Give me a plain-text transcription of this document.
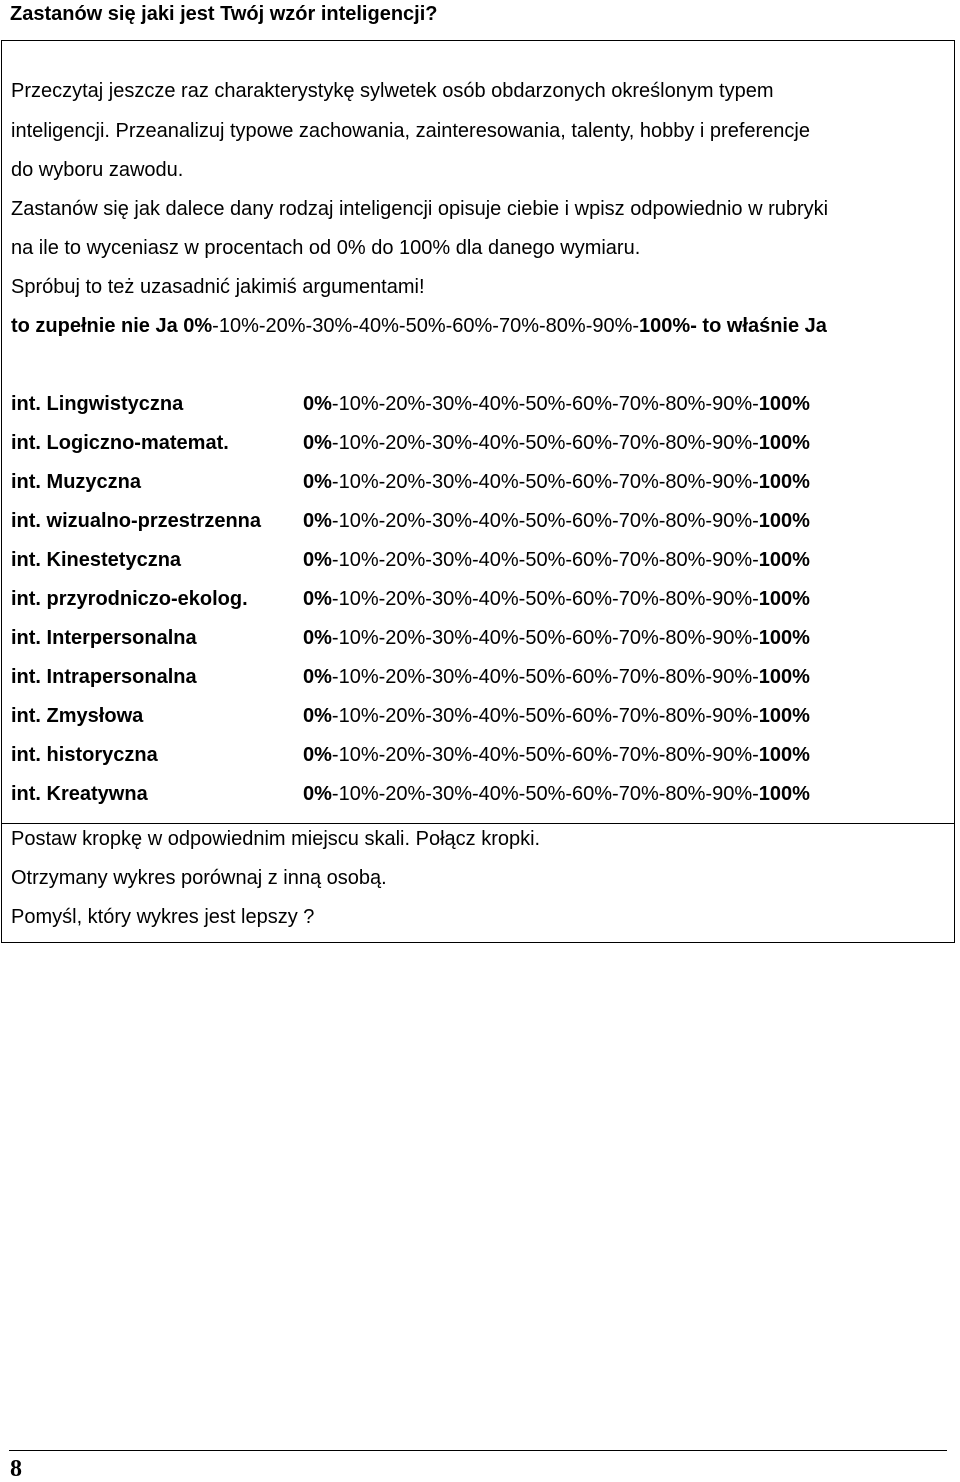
Zastanów się jaki jest Twój wzór inteligencji?
Przeczytaj jeszcze raz charakterystykę sylwetek osób obdarzonych określonym typem
inteligencji. Przeanalizuj typowe zachowania, zainteresowania, talenty, hobby i preferencje
do wyboru zawodu.
Zastanów się jak dalece dany rodzaj inteligencji opisuje ciebie i wpisz odpowiednio w rubryki
na ile to wyceniasz w procentach od 0% do 100% dla danego wymiaru.
Spróbuj to też uzasadnić jakimiś argumentami!
to zupełnie nie Ja 0%-10%-20%-30%-40%-50%-60%-70%-80%-90%-100%- to właśnie Ja
int. Lingwistyczna	0%-10%-20%-30%-40%-50%-60%-70%-80%-90%-100%
int. Logiczno-matemat.	0%-10%-20%-30%-40%-50%-60%-70%-80%-90%-100%
int. Muzyczna	0%-10%-20%-30%-40%-50%-60%-70%-80%-90%-100%
int. wizualno-przestrzenna 0%-10%-20%-30%-40%-50%-60%-70%-80%-90%-100%
int. Kinestetyczna	0%-10%-20%-30%-40%-50%-60%-70%-80%-90%-100%
int. przyrodniczo-ekolog.	0%-10%-20%-30%-40%-50%-60%-70%-80%-90%-100%
int. Interpersonalna	0%-10%-20%-30%-40%-50%-60%-70%-80%-90%-100%
int. Intrapersonalna	0%-10%-20%-30%-40%-50%-60%-70%-80%-90%-100%
int. Zmysłowa	0%-10%-20%-30%-40%-50%-60%-70%-80%-90%-100%
int. historyczna	0%-10%-20%-30%-40%-50%-60%-70%-80%-90%-100%
int. Kreatywna	0%-10%-20%-30%-40%-50%-60%-70%-80%-90%-100%
Postaw kropkę w odpowiednim miejscu skali. Połącz kropki.
Otrzymany wykres porównaj z inną osobą.
Pomyśl, który wykres jest lepszy ?
8
